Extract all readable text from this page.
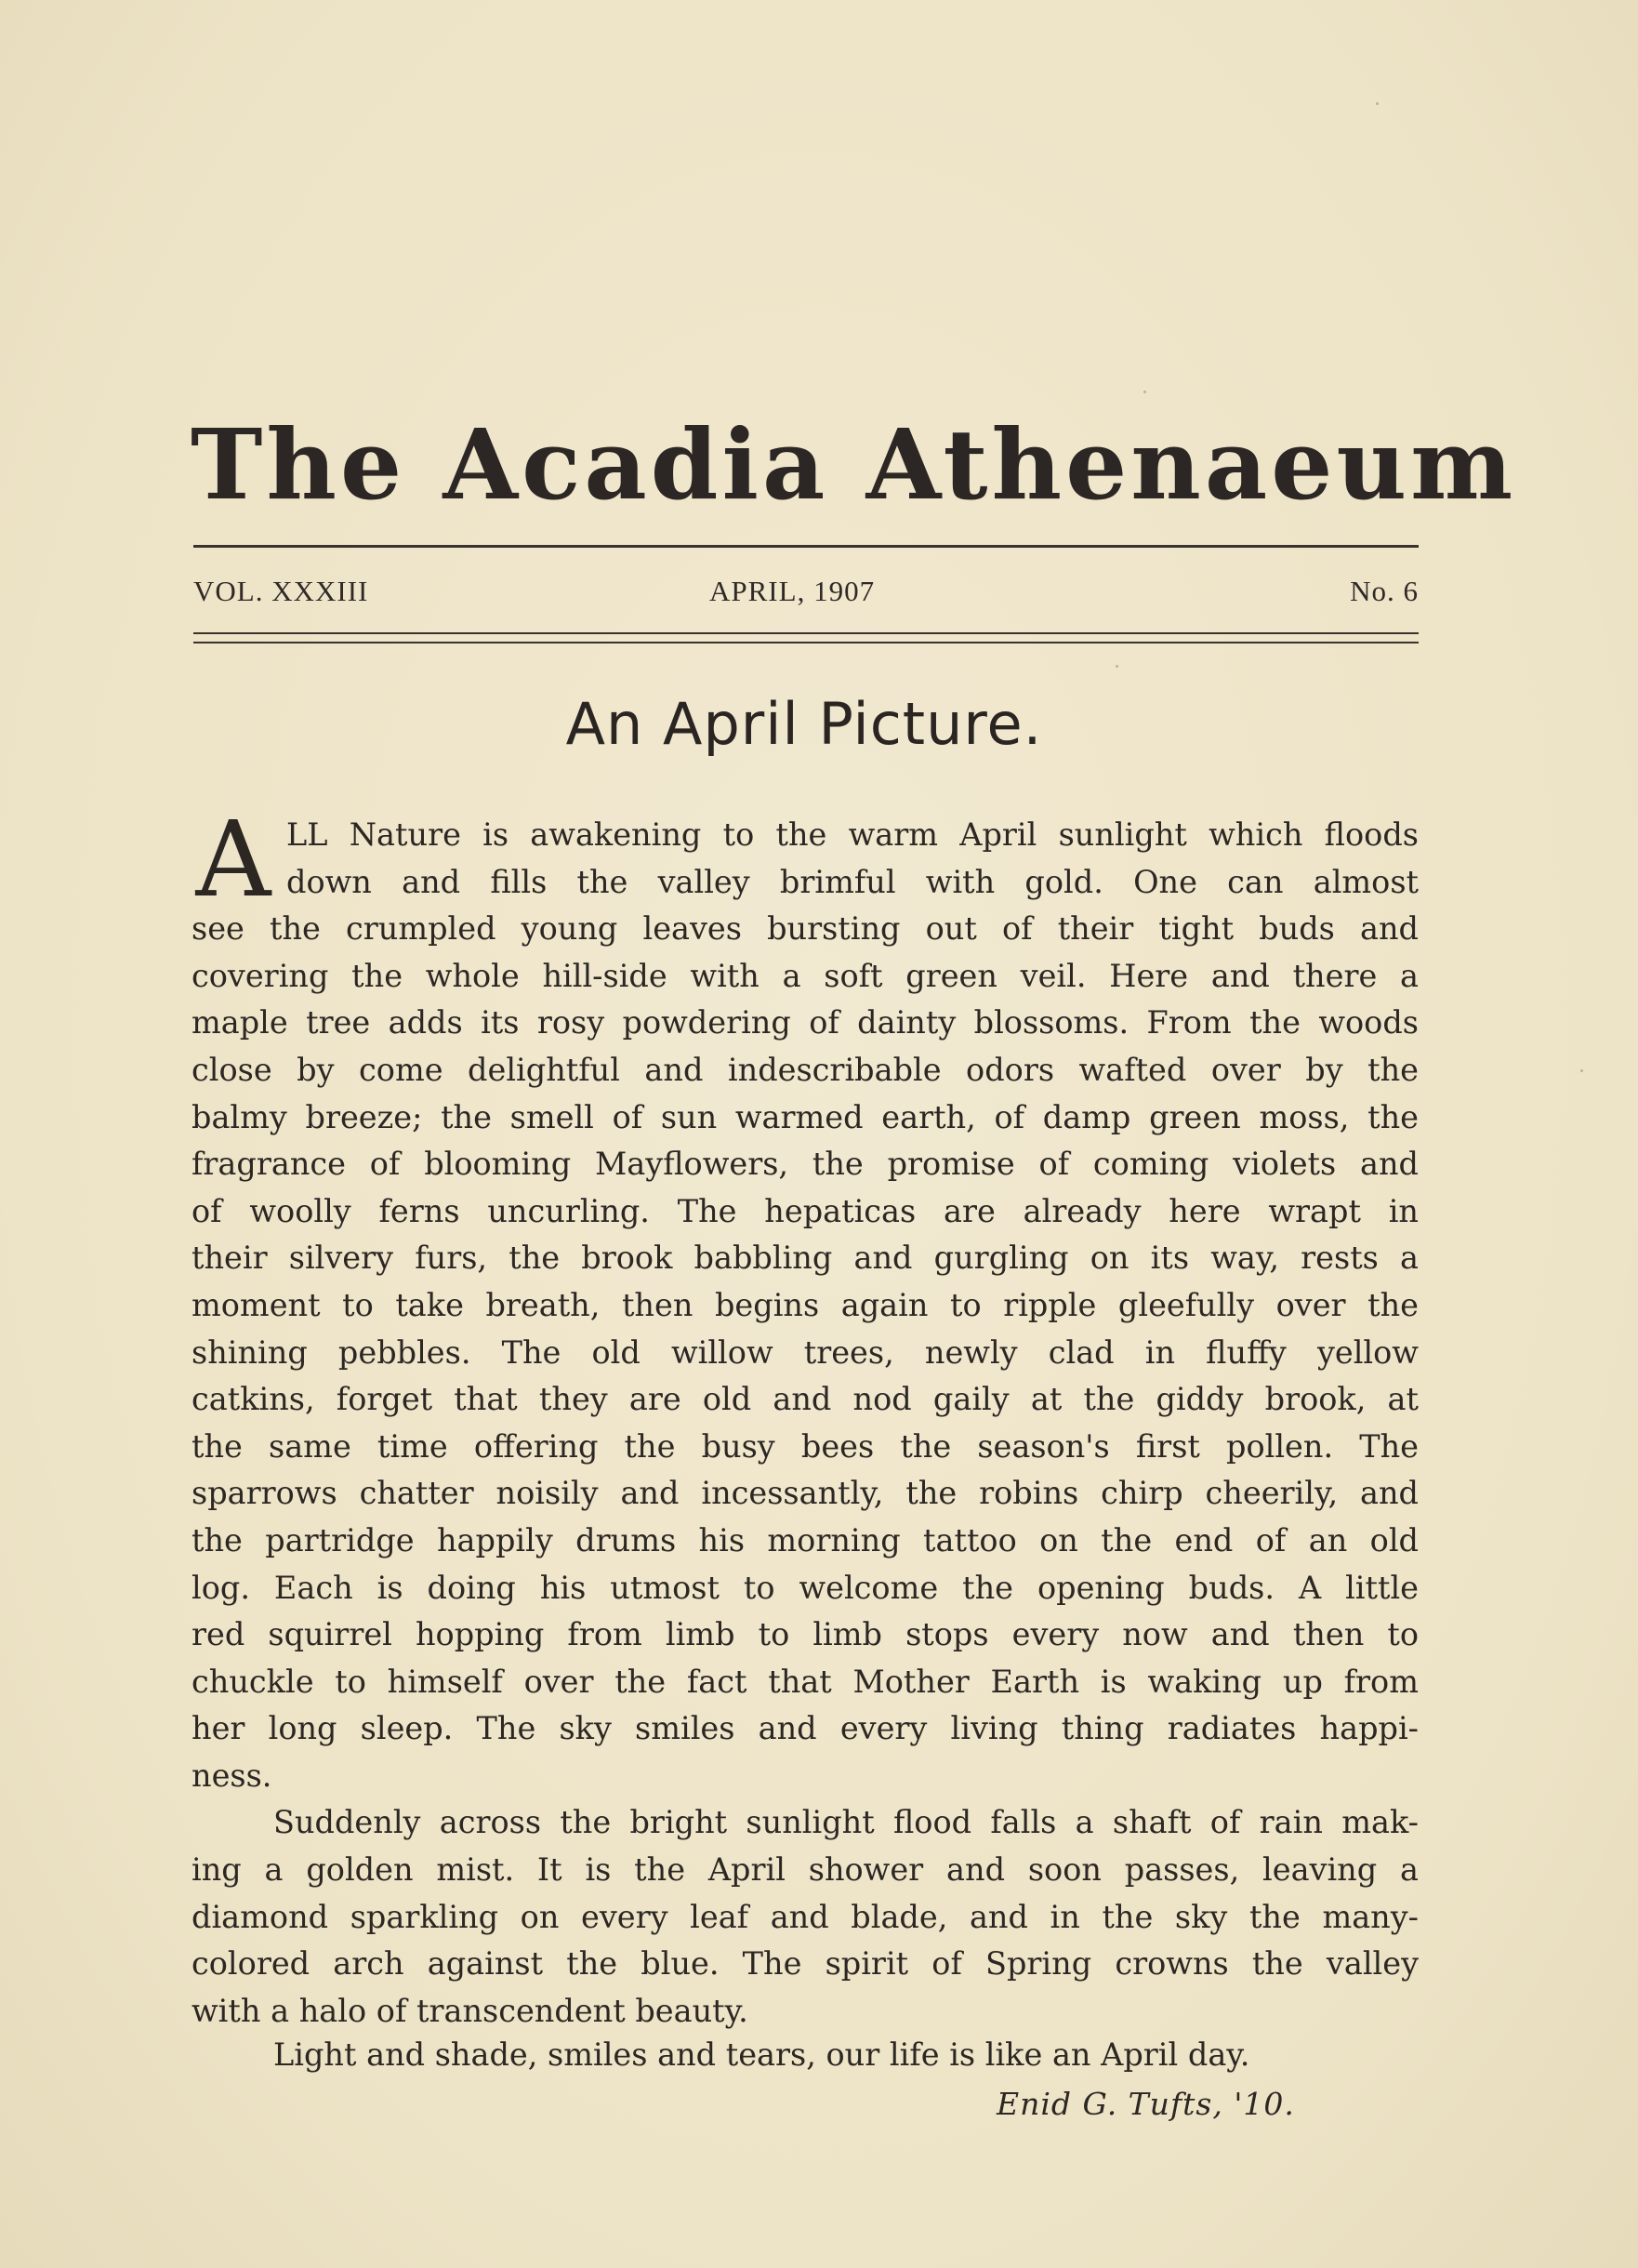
The Acadia Athenaeum
VOL. XXXIII	APRIL, 1907	No. 6
An April Picture.
A LL Nature is awakening to the warm April sunlight which floods
down and fills the valley brimful with gold. One can almost
see the crumpled young leaves bursting out of their tight buds and
covering the whole hill-side with a soft green veil. Here and there a
maple tree adds its rosy powdering of dainty blossoms. From the woods
close by come delightful and indescribable odors wafted over by the
balmy breeze; the smell of sun warmed earth, of damp green moss, the
fragrance of blooming Mayflowers, the promise of coming violets and
of woolly ferns uncurling. The hepaticas are already here wrapt in
their silvery furs, the brook babbling and gurgling on its way, rests a
moment to take breath, then begins again to ripple gleefully over the
shining pebbles. The old willow trees, newly clad in fluffy yellow
catkins, forget that they are old and nod gaily at the giddy brook, at
the same time offering the busy bees the season's first pollen. The
sparrows chatter noisily and incessantly, the robins chirp cheerily, and
the partridge happily drums his morning tattoo on the end of an old
log. Each is doing his utmost to welcome the opening buds. A little
red squirrel hopping from limb to limb stops every now and then to
chuckle to himself over the fact that Mother Earth is waking up from
her long sleep. The sky smiles and every living thing radiates happi-
ness.
Suddenly across the bright sunlight flood falls a shaft of rain mak-
ing a golden mist. It is the April shower and soon passes, leaving a
diamond sparkling on every leaf and blade, and in the sky the many-
colored arch against the blue. The spirit of Spring crowns the valley
with a halo of transcendent beauty.
Light and shade, smiles and tears, our life is like an April day.
Enid G. Tufts, '10.
